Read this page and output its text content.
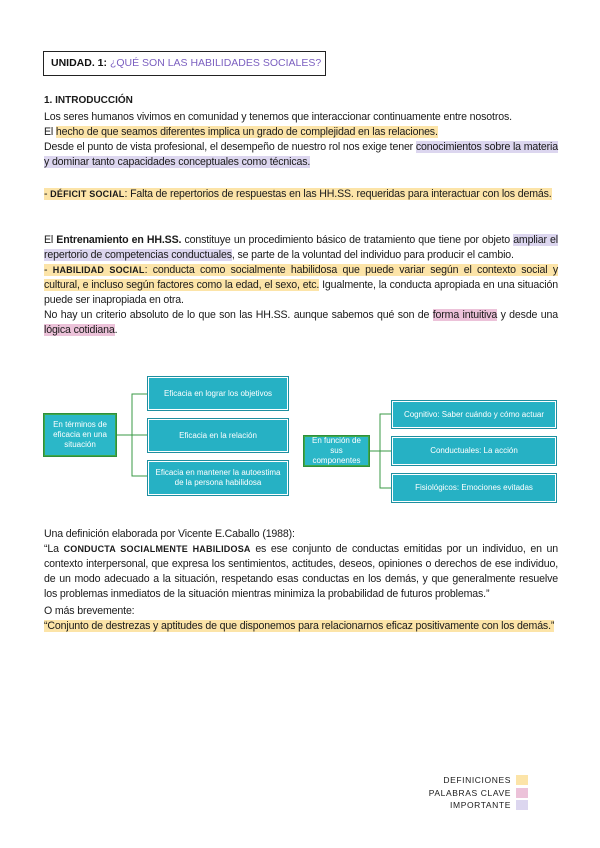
UNIDAD. 1: ¿QUÉ SON LAS HABILIDADES SOCIALES?
1. INTRODUCCIÓN

Los seres humanos vivimos en comunidad y tenemos que interaccionar continuamente entre nosotros.

El hecho de que seamos diferentes implica un grado de complejidad en las relaciones.

Desde el punto de vista profesional, el desempeño de nuestro rol nos exige tener conocimientos sobre la materia y dominar tanto capacidades conceptuales como técnicas.

- DÉFICIT SOCIAL: Falta de repertorios de respuestas en las HH.SS. requeridas para interactuar con los demás.

El Entrenamiento en HH.SS. constituye un procedimiento básico de tratamiento que tiene por objeto ampliar el repertorio de competencias conductuales, se parte de la voluntad del individuo para producir el cambio.

- HABILIDAD SOCIAL: conducta como socialmente habilidosa que puede variar según el contexto social y cultural, e incluso según factores como la edad, el sexo, etc. Igualmente, la conducta apropiada en una situación puede ser inapropiada en otra.

No hay un criterio absoluto de lo que son las HH.SS. aunque sabemos qué son de forma intuitiva y desde una lógica cotidiana.

En términos de eficacia en una situación
Eficacia en lograr los objetivos
Eficacia en la relación
Eficacia en mantener la autoestima de la persona habilidosa
En función de sus componentes
Cognitivo: Saber cuándo y cómo actuar
Conductuales: La acción
Fisiológicos: Emociones evitadas

Una definición elaborada por Vicente E.Caballo (1988):

“La CONDUCTA SOCIALMENTE HABILIDOSA es ese conjunto de conductas emitidas por un individuo, en un contexto interpersonal, que expresa los sentimientos, actitudes, deseos, opiniones o derechos de ese individuo, de un modo adecuado a la situación, respetando esas conductas en los demás, y que generalmente resuelve los problemas inmediatos de la situación mientras minimiza la probabilidad de futuros problemas.”

O más brevemente:

“Conjunto de destrezas y aptitudes de que disponemos para relacionarnos eficaz positivamente con los demás.”

DEFINICIONES
PALABRAS CLAVE
IMPORTANTE
